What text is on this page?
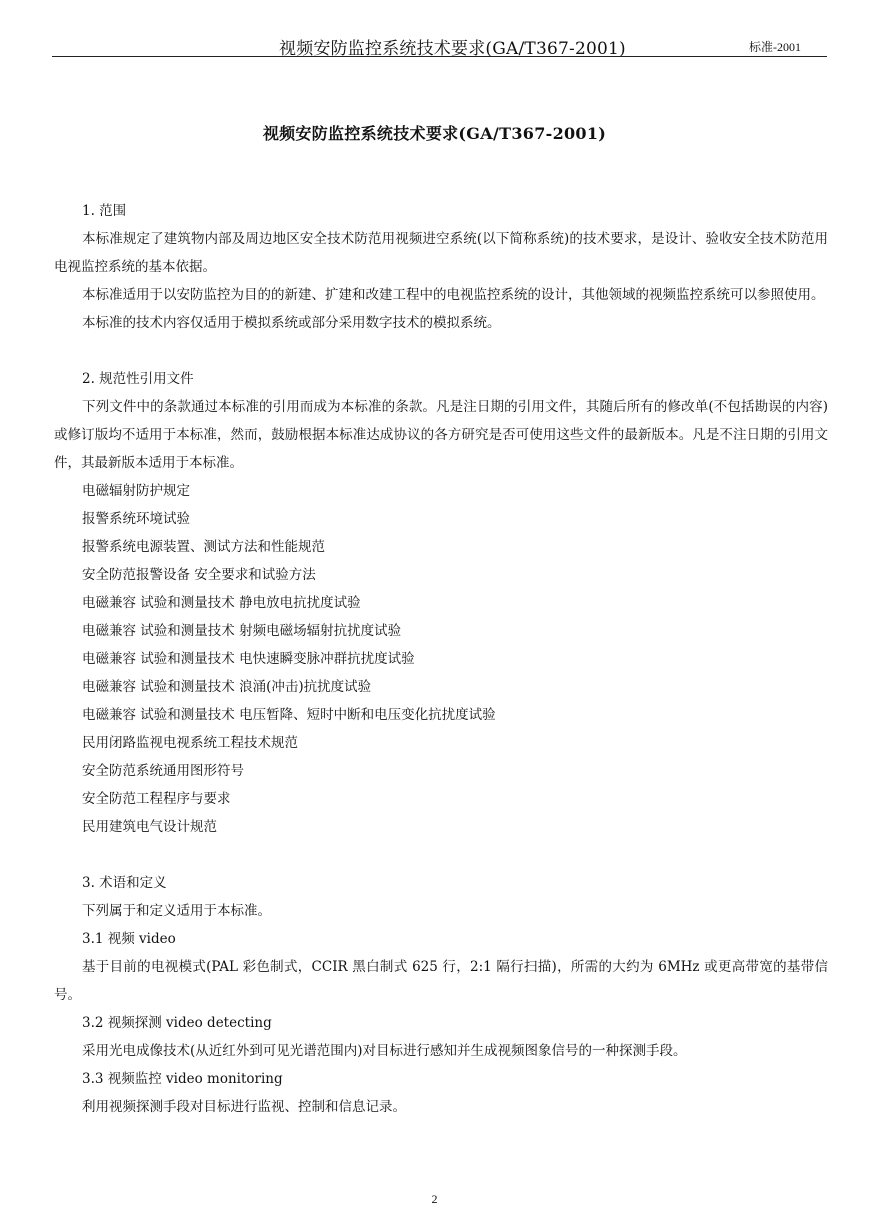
视频安防监控系统技术要求(GA/T367-2001)	标准-2001
视频安防监控系统技术要求(GA/T367-2001)
1. 范围
本标准规定了建筑物内部及周边地区安全技术防范用视频进空系统(以下简称系统)的技术要求，是设计、验收安全技术防范用电视监控系统的基本依据。
本标准适用于以安防监控为目的的新建、扩建和改建工程中的电视监控系统的设计，其他领域的视频监控系统可以参照使用。
本标准的技术内容仅适用于模拟系统或部分采用数字技术的模拟系统。
2. 规范性引用文件
下列文件中的条款通过本标准的引用而成为本标准的条款。凡是注日期的引用文件，其随后所有的修改单(不包括勘误的内容)或修订版均不适用于本标准，然而，鼓励根据本标准达成协议的各方研究是否可使用这些文件的最新版本。凡是不注日期的引用文件，其最新版本适用于本标准。
电磁辐射防护规定
报警系统环境试验
报警系统电源装置、测试方法和性能规范
安全防范报警设备 安全要求和试验方法
电磁兼容 试验和测量技术 静电放电抗扰度试验
电磁兼容 试验和测量技术 射频电磁场辐射抗扰度试验
电磁兼容 试验和测量技术 电快速瞬变脉冲群抗扰度试验
电磁兼容 试验和测量技术 浪涌(冲击)抗扰度试验
电磁兼容 试验和测量技术 电压暂降、短时中断和电压变化抗扰度试验
民用闭路监视电视系统工程技术规范
安全防范系统通用图形符号
安全防范工程程序与要求
民用建筑电气设计规范
3. 术语和定义
下列属于和定义适用于本标准。
3.1 视频 video
基于目前的电视模式(PAL 彩色制式，CCIR 黑白制式 625 行，2:1 隔行扫描)，所需的大约为 6MHz 或更高带宽的基带信号。
3.2 视频探测 video detecting
采用光电成像技术(从近红外到可见光谱范围内)对目标进行感知并生成视频图象信号的一种探测手段。
3.3 视频监控 video monitoring
利用视频探测手段对目标进行监视、控制和信息记录。
2
